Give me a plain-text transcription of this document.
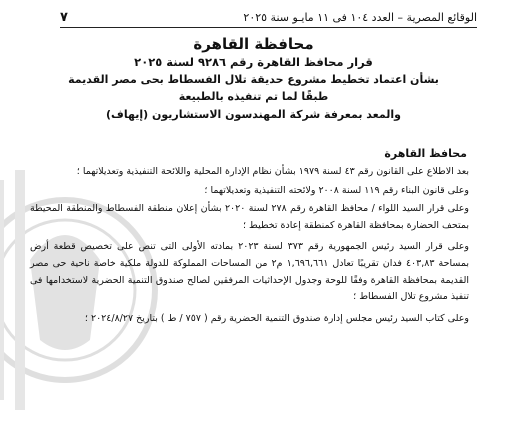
الوقائع المصرية – العدد ١٠٤ فى ١١ مايـو سنة ٢٠٢٥
٧
محافظة القاهرة
قرار محافظ القاهرة رقم ٩٢٨٦ لسنة ٢٠٢٥
بشأن اعتماد تخطيط مشروع حديقة تلال الفسطاط بحى مصر القديمة
طبقًا لما تم تنفيذه بالطبيعة
والمعد بمعرفة شركة المهندسون الاستشاريون (إيهاف)
محافظ القاهرة

بعد الاطلاع على القانون رقم ٤٣ لسنة ١٩٧٩ بشأن نظام الإدارة المحلية واللائحة التنفيذية وتعديلاتهما ؛

وعلى قانون البناء رقم ١١٩ لسنة ٢٠٠٨ ولائحته التنفيذية وتعديلاتهما ؛

وعلى قرار السيد اللواء / محافظ القاهرة رقم ٢٧٨ لسنة ٢٠٢٠ بشأن إعلان منطقة الفسطاط والمنطقة المحيطة بمتحف الحضارة بمحافظة القاهرة كمنطقة إعادة تخطيط ؛

وعلى قرار السيد رئيس الجمهورية رقم ٣٧٣ لسنة ٢٠٢٣ بمادته الأولى التى تنص على تخصيص قطعة أرض بمساحة ٤٠٣,٨٣ فدان تقريبًا تعادل ١,٦٩٦,٦٦١ م٢ من المساحات المملوكة للدولة ملكية خاصة ناحية حى مصر القديمة بمحافظة القاهرة وفقًا للوحة وجدول الإحداثيات المرفقين لصالح صندوق التنمية الحضرية لاستخدامها فى تنفيذ مشروع تلال الفسطاط ؛

وعلى كتاب السيد رئيس مجلس إدارة صندوق التنمية الحضرية رقم ( ٧٥٧ / ط ) بتاريخ ٢٠٢٤/٨/٢٧ ؛
